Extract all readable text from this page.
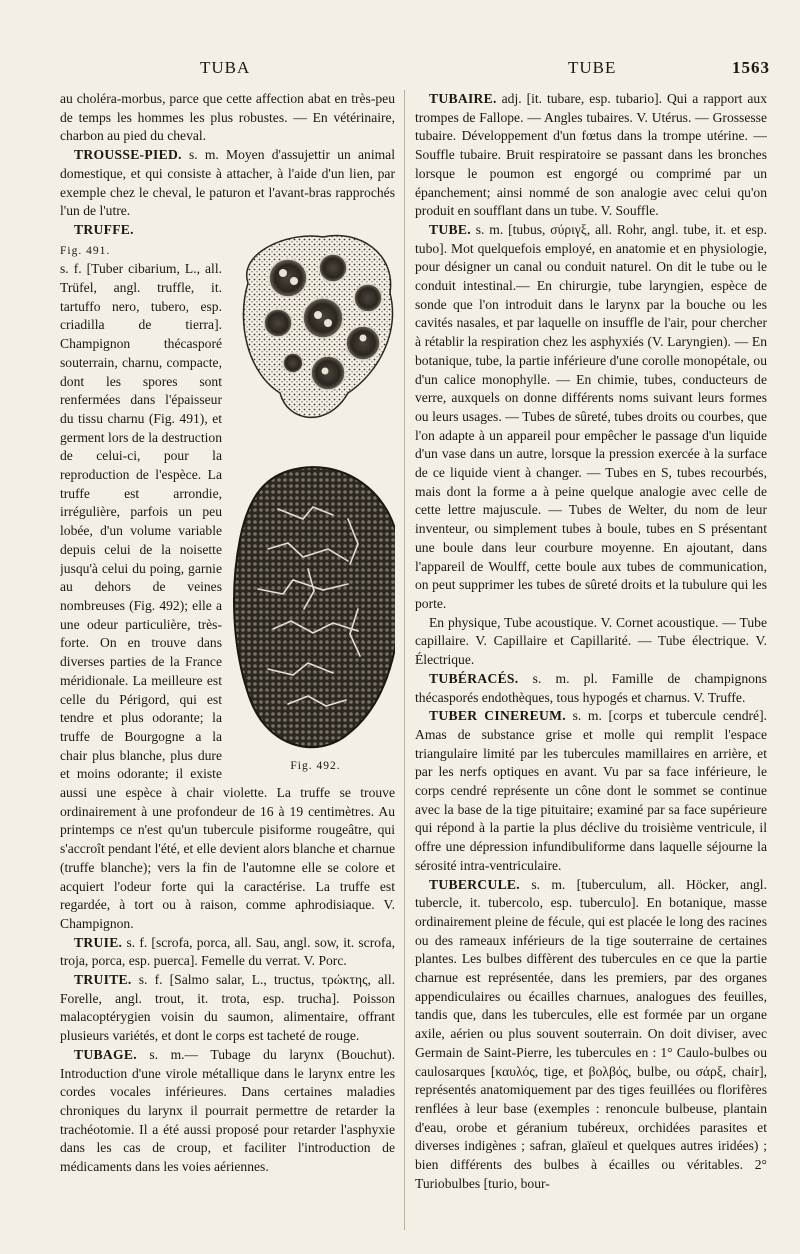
TUBA	TUBE	1563

au choléra-morbus, parce que cette affection abat en très-peu de temps les hommes les plus robustes. — En vétérinaire, charbon au pied du cheval.

TROUSSE-PIED. s. m. Moyen d'assujettir un animal domestique, et qui consiste à attacher, à l'aide d'un lien, par exemple chez le cheval, le paturon et l'avant-bras rapprochés l'un de l'utre.

TRUFFE.

Fig. 491.
Fig. 492.
s. f. [Tuber cibarium, L., all. Trüfel, angl. truffle, it. tartuffo nero, tubero, esp. criadilla de tierra]. Champignon thécasporé souterrain, charnu, compacte, dont les spores sont renfermées dans l'épaisseur du tissu charnu (Fig. 491), et germent lors de la destruction de celui-ci, pour la reproduction de l'espèce. La truffe est arrondie, irrégulière, parfois un peu lobée, d'un volume variable depuis celui de la noisette jusqu'à celui du poing, garnie au dehors de veines nombreuses (Fig. 492); elle a une odeur particulière, très-forte. On en trouve dans diverses parties de la France méridionale. La meilleure est celle du Périgord, qui est tendre et plus odorante; la truffe de Bourgogne a la chair plus blanche, plus dure et moins odorante; il existe aussi une espèce à chair violette. La truffe se trouve ordinairement à une profondeur de 16 à 19 centimètres. Au printemps ce n'est qu'un tubercule pisiforme rougeâtre, qui s'accroît pendant l'été, et elle devient alors blanche et charnue (truffe blanche); vers la fin de l'automne elle se colore et acquiert l'odeur forte qui la caractérise. La truffe est regardée, à tort ou à raison, comme aphrodisiaque. V. Champignon.

TRUIE. s. f. [scrofa, porca, all. Sau, angl. sow, it. scrofa, troja, porca, esp. puerca]. Femelle du verrat. V. Porc.

TRUITE. s. f. [Salmo salar, L., tructus, τρώκτης, all. Forelle, angl. trout, it. trota, esp. trucha]. Poisson malacoptérygien voisin du saumon, alimentaire, offrant plusieurs variétés, et dont le corps est tacheté de rouge.

TUBAGE. s. m.— Tubage du larynx (Bouchut). Introduction d'une virole métallique dans le larynx entre les cordes vocales inférieures. Dans certaines maladies chroniques du larynx il pourrait permettre de retarder la trachéotomie. Il a été aussi proposé pour retarder l'asphyxie dans les cas de croup, et faciliter l'introduction de médicaments dans les voies aériennes.

TUBAIRE. adj. [it. tubare, esp. tubario]. Qui a rapport aux trompes de Fallope. — Angles tubaires. V. Utérus. — Grossesse tubaire. Développement d'un fœtus dans la trompe utérine. — Souffle tubaire. Bruit respiratoire se passant dans les bronches lorsque le poumon est engorgé ou comprimé par un épanchement; ainsi nommé de son analogie avec celui qu'on produit en soufflant dans un tube. V. Souffle.

TUBE. s. m. [tubus, σύριγξ, all. Rohr, angl. tube, it. et esp. tubo]. Mot quelquefois employé, en anatomie et en physiologie, pour désigner un canal ou conduit naturel. On dit le tube ou le conduit intestinal.— En chirurgie, tube laryngien, espèce de sonde que l'on introduit dans le larynx par la bouche ou les cavités nasales, et par laquelle on insuffle de l'air, pour chercher à rétablir la respiration chez les asphyxiés (V. Laryngien). — En botanique, tube, la partie inférieure d'une corolle monopétale, ou d'un calice monophylle. — En chimie, tubes, conducteurs de verre, auxquels on donne différents noms suivant leurs formes ou leurs usages. — Tubes de sûreté, tubes droits ou courbes, que l'on adapte à un appareil pour empêcher le passage d'un liquide d'un vase dans un autre, lorsque la pression exercée à la surface de ce liquide vient à changer. — Tubes en S, tubes recourbés, mais dont la forme a à peine quelque analogie avec celle de cette lettre majuscule. — Tubes de Welter, du nom de leur inventeur, ou simplement tubes à boule, tubes en S présentant une boule dans leur courbure moyenne. En ajoutant, dans l'appareil de Woulff, cette boule aux tubes de communication, on peut supprimer les tubes de sûreté droits et la tubulure qui les porte.

En physique, Tube acoustique. V. Cornet acoustique. — Tube capillaire. V. Capillaire et Capillarité. — Tube électrique. V. Électrique.

TUBÉRACÉS. s. m. pl. Famille de champignons thécasporés endothèques, tous hypogés et charnus. V. Truffe.

TUBER CINEREUM. s. m. [corps et tubercule cendré]. Amas de substance grise et molle qui remplit l'espace triangulaire limité par les tubercules mamillaires en arrière, et par les nerfs optiques en avant. Vu par sa face inférieure, le corps cendré représente un cône dont le sommet se continue avec la base de la tige pituitaire; examiné par sa face supérieure qui répond à la partie la plus déclive du troisième ventricule, il offre une dépression infundibuliforme dans laquelle séjourne la sérosité intra-ventriculaire.

TUBERCULE. s. m. [tuberculum, all. Höcker, angl. tubercle, it. tubercolo, esp. tuberculo]. En botanique, masse ordinairement pleine de fécule, qui est placée le long des racines ou des rameaux inférieurs de la tige souterraine de certaines plantes. Les bulbes diffèrent des tubercules en ce que la partie charnue est représentée, dans les premiers, par des organes appendiculaires ou écailles charnues, analogues des feuilles, tandis que, dans les tubercules, elle est formée par un organe axile, aérien ou plus souvent souterrain. On doit diviser, avec Germain de Saint-Pierre, les tubercules en : 1° Caulo-bulbes ou caulosarques [καυλός, tige, et βολβός, bulbe, ou σάρξ, chair], représentés anatomiquement par des tiges feuillées ou florifères renflées à leur base (exemples : renoncule bulbeuse, plantain d'eau, orobe et géranium tubéreux, orchidées parasites et diverses indigènes ; safran, glaïeul et quelques autres iridées) ; bien différents des bulbes à écailles ou véritables. 2° Turiobulbes [turio, bour-
